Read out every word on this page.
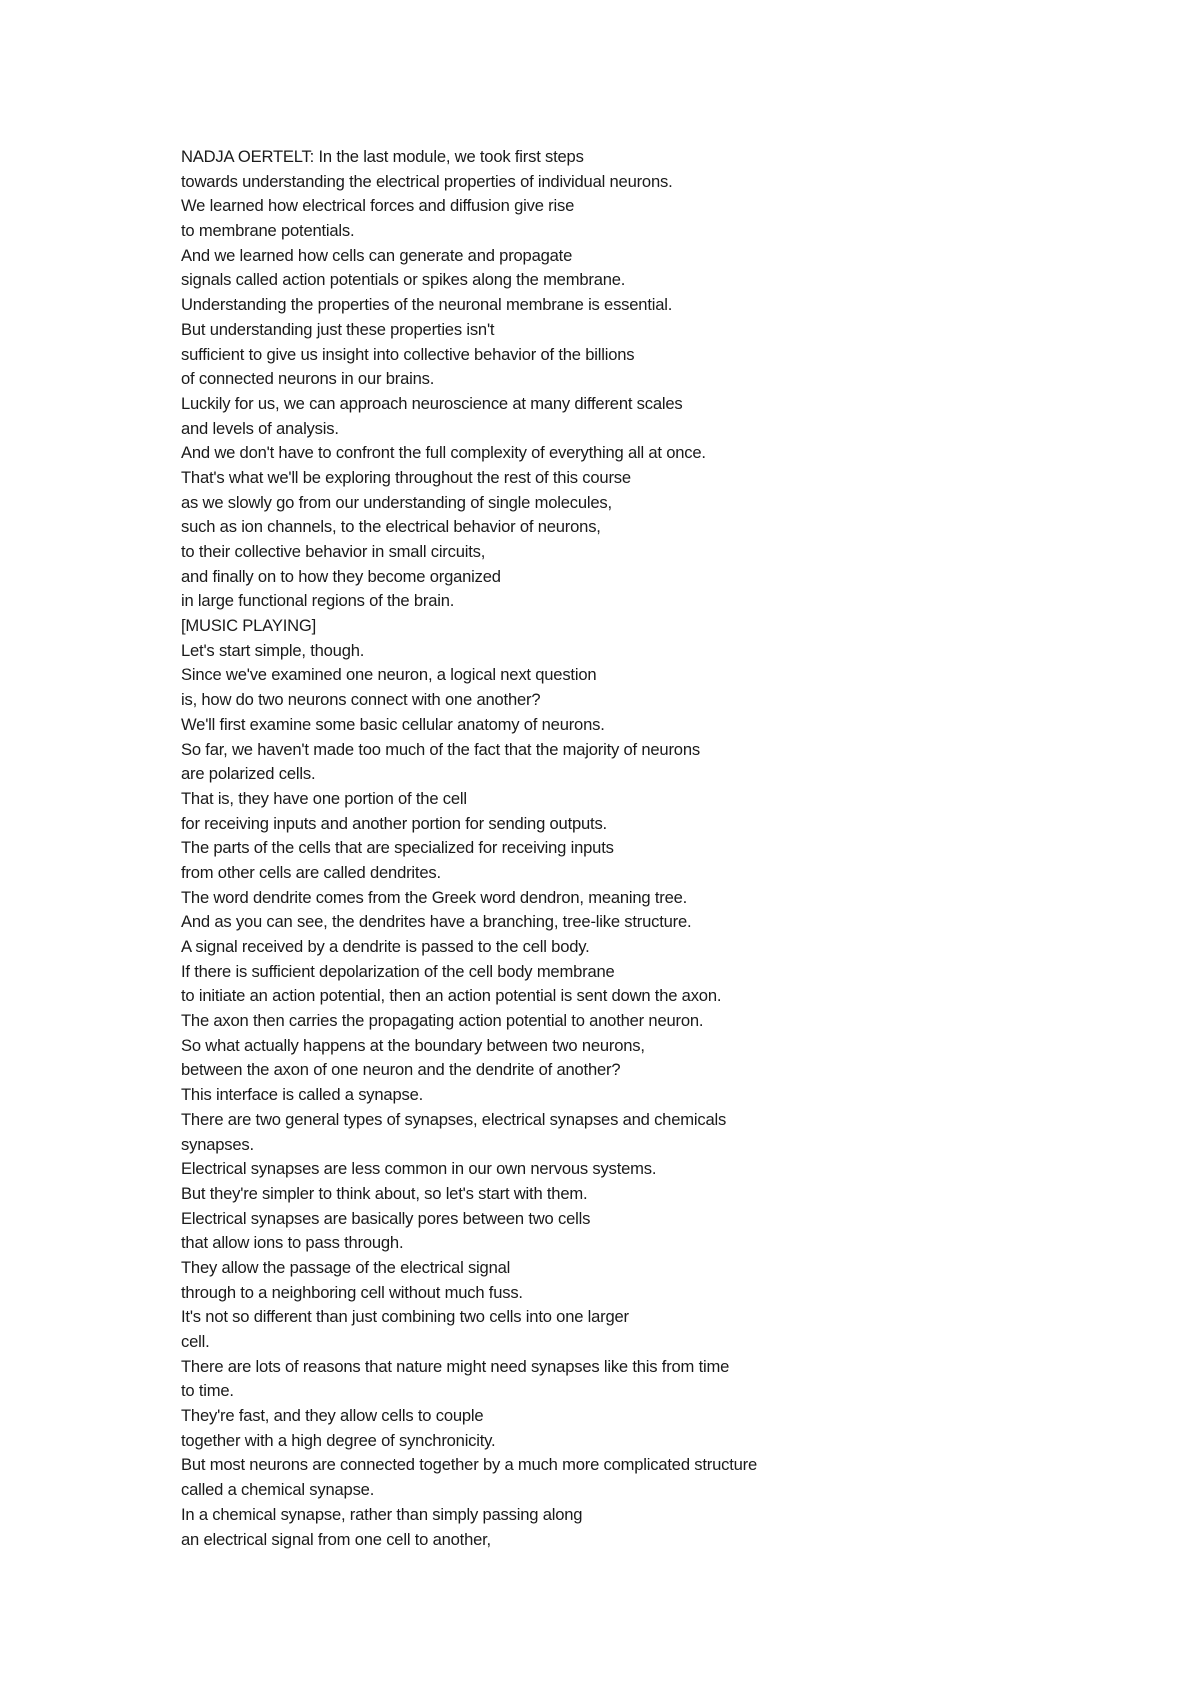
NADJA OERTELT: In the last module, we took first steps
towards understanding the electrical properties of individual neurons.
We learned how electrical forces and diffusion give rise
to membrane potentials.
And we learned how cells can generate and propagate
signals called action potentials or spikes along the membrane.
Understanding the properties of the neuronal membrane is essential.
But understanding just these properties isn't
sufficient to give us insight into collective behavior of the billions
of connected neurons in our brains.
Luckily for us, we can approach neuroscience at many different scales
and levels of analysis.
And we don't have to confront the full complexity of everything all at once.
That's what we'll be exploring throughout the rest of this course
as we slowly go from our understanding of single molecules,
such as ion channels, to the electrical behavior of neurons,
to their collective behavior in small circuits,
and finally on to how they become organized
in large functional regions of the brain.
[MUSIC PLAYING]
Let's start simple, though.
Since we've examined one neuron, a logical next question
is, how do two neurons connect with one another?
We'll first examine some basic cellular anatomy of neurons.
So far, we haven't made too much of the fact that the majority of neurons
are polarized cells.
That is, they have one portion of the cell
for receiving inputs and another portion for sending outputs.
The parts of the cells that are specialized for receiving inputs
from other cells are called dendrites.
The word dendrite comes from the Greek word dendron, meaning tree.
And as you can see, the dendrites have a branching, tree-like structure.
A signal received by a dendrite is passed to the cell body.
If there is sufficient depolarization of the cell body membrane
to initiate an action potential, then an action potential is sent down the axon.
The axon then carries the propagating action potential to another neuron.
So what actually happens at the boundary between two neurons,
between the axon of one neuron and the dendrite of another?
This interface is called a synapse.
There are two general types of synapses, electrical synapses and chemicals
synapses.
Electrical synapses are less common in our own nervous systems.
But they're simpler to think about, so let's start with them.
Electrical synapses are basically pores between two cells
that allow ions to pass through.
They allow the passage of the electrical signal
through to a neighboring cell without much fuss.
It's not so different than just combining two cells into one larger
cell.
There are lots of reasons that nature might need synapses like this from time
to time.
They're fast, and they allow cells to couple
together with a high degree of synchronicity.
But most neurons are connected together by a much more complicated structure
called a chemical synapse.
In a chemical synapse, rather than simply passing along
an electrical signal from one cell to another,
